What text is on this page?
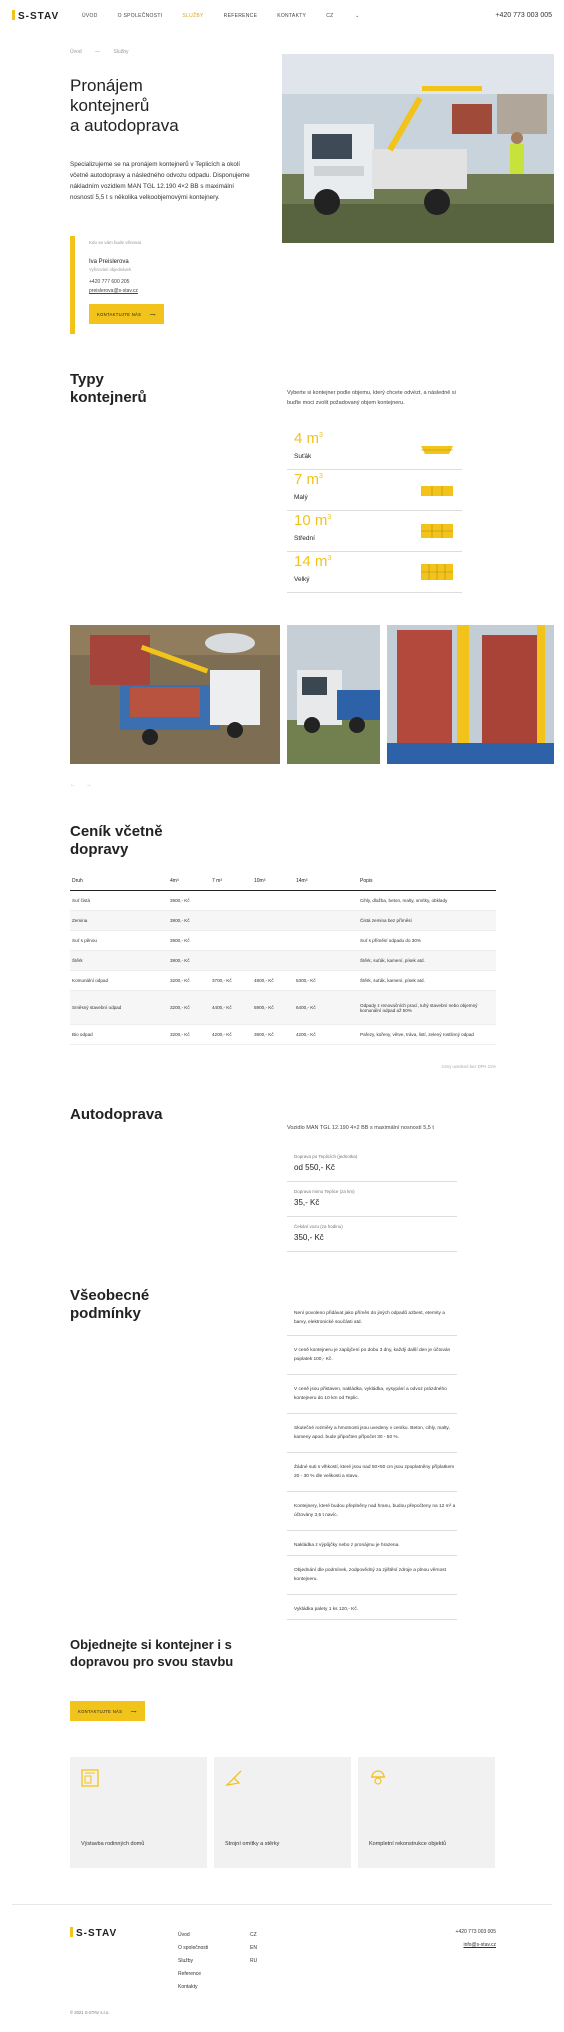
S-STAV	ÚVOD	O SPOLEČNOSTI	SLUŽBY	REFERENCE	KONTAKTY	CZ	⌄	+420 773 003 005
Úvod	—	Služby
Pronájem
kontejnerů
a autodoprava

Specializujeme se na pronájem kontejnerů v Teplicích a okolí včetně autodopravy a následného odvozu odpadu. Disponujeme nákladním vozidlem MAN TGL 12.190 4×2 BB s maximální nosností 5,5 t s několika velkoobjemovými kontejnery.

Kdo se vám bude věnovat
Iva Preislerova
Vyřizování objednávek
+420 777 600 205
preislerova@s-stav.cz
KONTAKTUJTE NÁS ⟶
Typy
kontejnerů	Vyberte si kontejner podle objemu, který chcete odvézt, a následně si buďte moci zvolit požadovaný objem kontejneru.

4 $m^3$
Suťák
7 $m^3$
Malý
10 $m^3$
Střední
14 $m^3$
Velký
← →
Ceník včetně
dopravy
Druh	4m³	7 m³	10m³	14m³	Popis
Suť čistá	3900,- Kč				Cihly, dlažba, beton, malty, omítky, obklady
Zemina	3900,- Kč				Čistá zemina bez příměsí
Suť s pěnou	3900,- Kč				Suť s příměsí odpadu do 30%
Štěrk	3900,- Kč				Štěrk, suťák, kamení, písek atd.
Komunální odpad	3200,- Kč	3700,- Kč	4800,- Kč	5300,- Kč	Štěrk, suťák, kamení, písek atd.
Směsný stavební odpad	3200,- Kč	4400,- Kč	5900,- Kč	6400,- Kč	Odpady z renovačních prací, tuhý stavební nebo objemný komunální odpad až 50%
Bio odpad	3200,- Kč	4200,- Kč	3900,- Kč	4200,- Kč	Pařezy, kořeny, větve, tráva, listí, zelený rostlinný odpad
Ceny uvedené bez DPH 21%
Autodoprava
Vozidlo MAN TGL 12.190 4×2 BB s maximální nosností 5,5 t
Doprava po Teplicích (jednotka)
od 550,- Kč
Doprava mimo Teplice (za km)
35,- Kč
Čekání vozu (za hodinu)
350,- Kč
Všeobecné
podmínky	Není povoleno přidávat jako příměs do jiných odpadů azbest, eternity a barvy, elektronické součásti atd.
V ceně kontejneru je zapůjčení po dobu 3 dny, každý další den je účtován poplatek 100,- Kč.
V ceně jsou přistaven, nakládka, vykládka, vysypání a odvoz prázdného kontejneru do 10 km od Teplic.
Skutečné rozměry a hmotnosti jsou uvedeny v ceníku. Beton, cihly, malty, kameny apod. bude připočten přípočet 30 - 50 %.
Žádné suti s vlhkostí, které jsou nad 50×50 cm jsou zpoplatněny příplatkem 20 - 30 % dle velikosti a stavu.
Kontejnery, které budou přeplněny nad hranu, budou přepočteny na 12 m³ a účtovány 3,5 t navíc.
Nakládka z výpůjčky nebo z pronájmu je hrazena.
Objednání dle podmínek, zodpovědný za zjištění zdroje a plnou věrnost kontejneru.
Vykládka palety 1 ks 120,- Kč.
Objednejte si kontejner i s dopravou pro svou stavbu
KONTAKTUJTE NÁS ⟶
Výstavba rodinných domů	Strojní omítky a stěrky	Kompletní rekonstrukce objektů
S-STAV	Úvod
O společnosti
Služby
Reference
Kontakty
CZ
EN
RU
+420 773 003 005
info@s-stav.cz
© 2021 S-STAV s.r.o.
